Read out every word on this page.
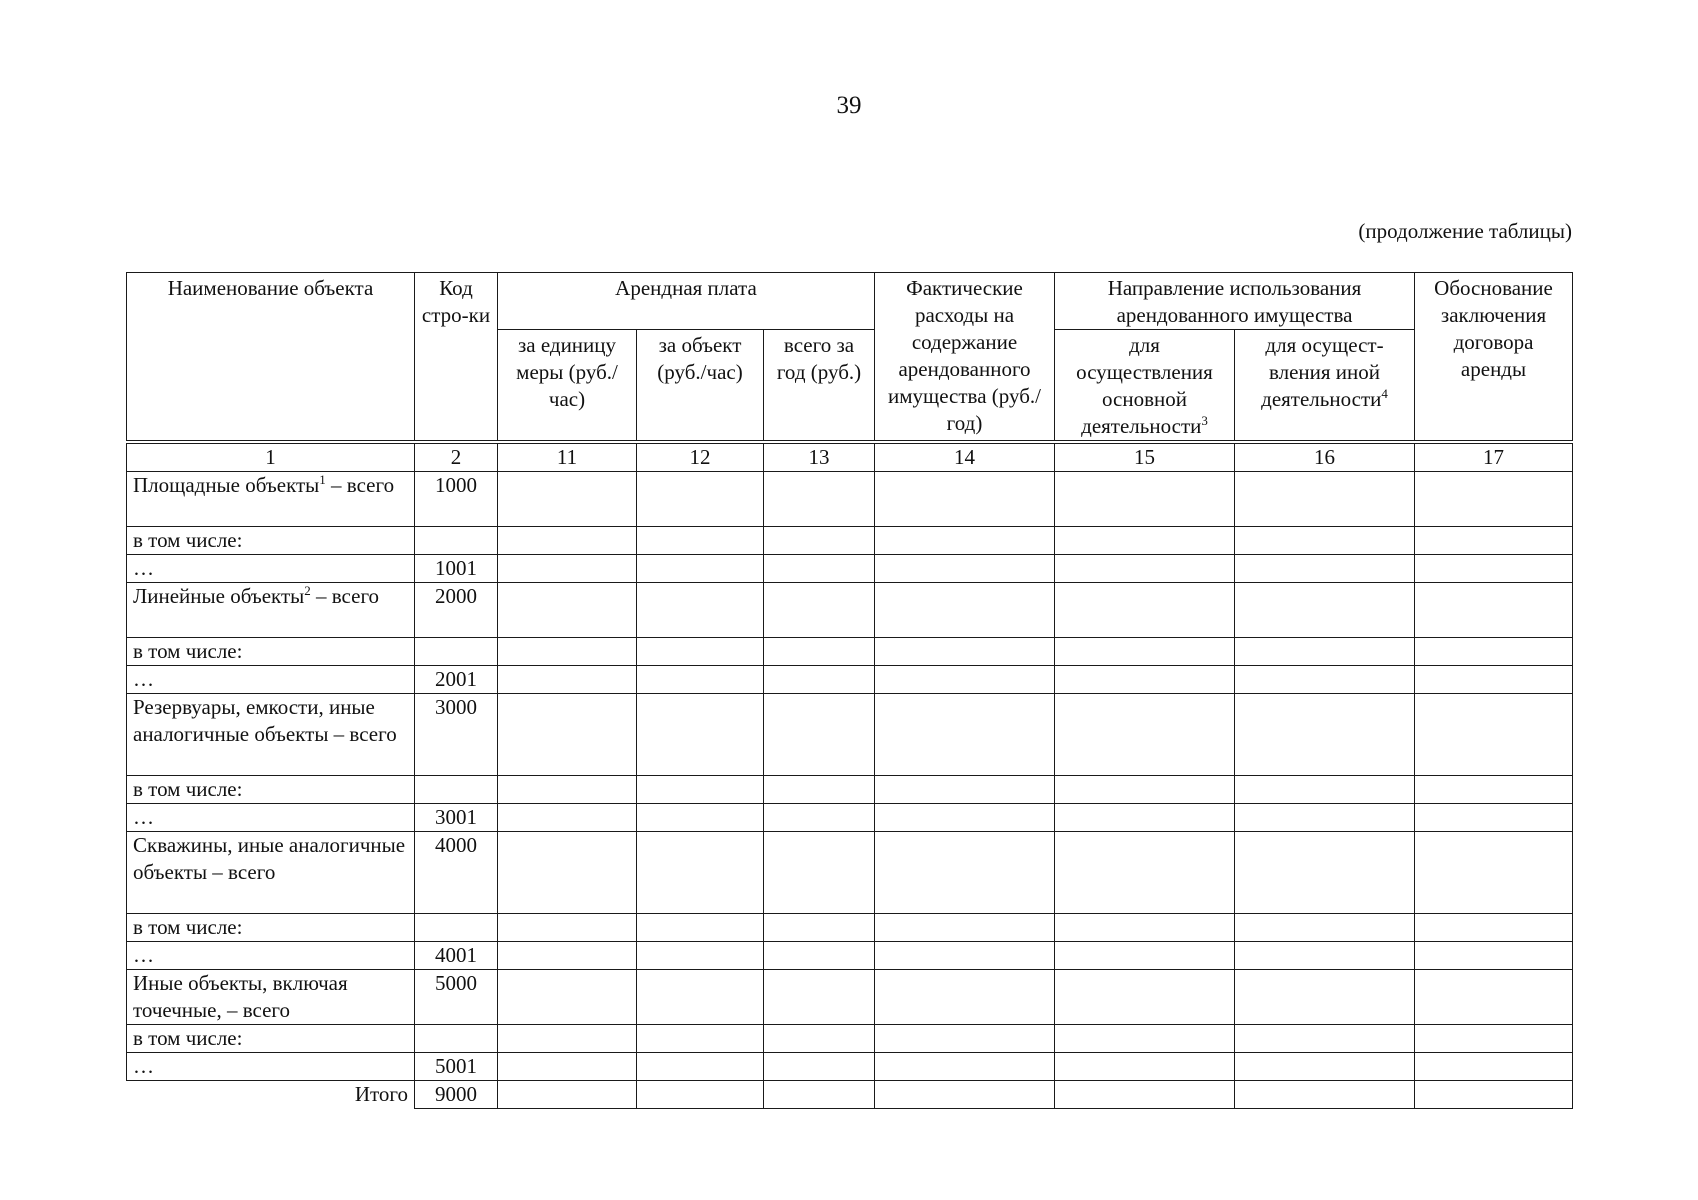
39
(продолжение таблицы)
Наименование объекта	Код стро-ки	Арендная плата			Фактические расходы на содержание арендованного имущества (руб./год)	Направление использования арендованного имущества		Обоснование заключения договора аренды
		за единицу меры (руб./час)	за объект (руб./час)	всего за год (руб.)		для осуществления основной деятельности$^3$	для осущест-вления иной деятельности$^4$
1	2	11	12	13	14	15	16	17
Площадные объекты$^1$ – всего	1000							
в том числе:								
…	1001							
Линейные объекты$^2$ – всего	2000							
в том числе:								
…	2001							
Резервуары, емкости, иные аналогичные объекты – всего	3000							
в том числе:								
…	3001							
Скважины, иные аналогичные объекты – всего	4000							
в том числе:								
…	4001							
Иные объекты, включая точечные, – всего	5000							
в том числе:								
…	5001							
Итого	9000							
